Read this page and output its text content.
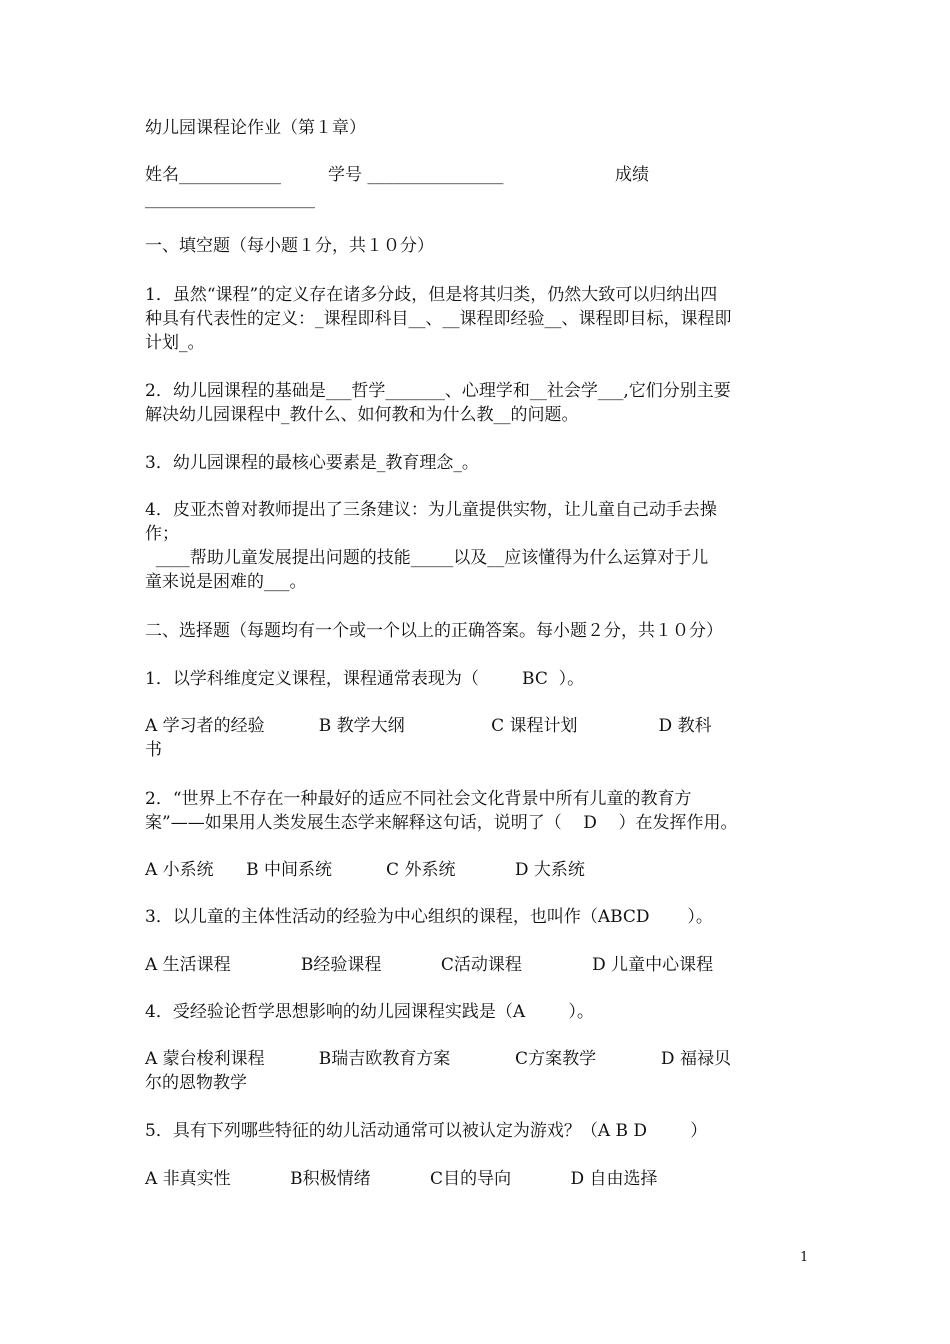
幼儿园课程论作业（第１章）
姓名____________	学号 ________________	成绩
____________________
一、填空题（每小题１分，共１０分）
1．虽然“课程”的定义存在诸多分歧，但是将其归类，仍然大致可以归纳出四
种具有代表性的定义：_课程即科目__、__课程即经验__、课程即目标，课程即
计划_。
2．幼儿园课程的基础是___哲学_______、心理学和__社会学___,它们分别主要
解决幼儿园课程中_教什么、如何教和为什么教__的问题。
3．幼儿园课程的最核心要素是_教育理念_。
4．皮亚杰曾对教师提出了三条建议：为儿童提供实物，让儿童自己动手去操
作；
____帮助儿童发展提出问题的技能_____以及__应该懂得为什么运算对于儿
童来说是困难的___。
二、选择题（每题均有一个或一个以上的正确答案。每小题２分，共１０分）
1．以学科维度定义课程，课程通常表现为（        BC  ）。
A 学习者的经验          B 教学大纲                C 课程计划               D 教科
书
2．“世界上不存在一种最好的适应不同社会文化背景中所有儿童的教育方
案”——如果用人类发展生态学来解释这句话，说明了（    D    ）在发挥作用。
A 小系统      B 中间系统          C 外系统           D 大系统
3．以儿童的主体性活动的经验为中心组织的课程，也叫作（ABCD       ）。
A 生活课程             B经验课程           C活动课程             D 儿童中心课程
4．受经验论哲学思想影响的幼儿园课程实践是（A        ）。
A 蒙台梭利课程          B瑞吉欧教育方案            C方案教学            D 福禄贝
尔的恩物教学
5．具有下列哪些特征的幼儿活动通常可以被认定为游戏？（A B D        ）
A 非真实性           B积极情绪           C目的导向           D 自由选择
1
